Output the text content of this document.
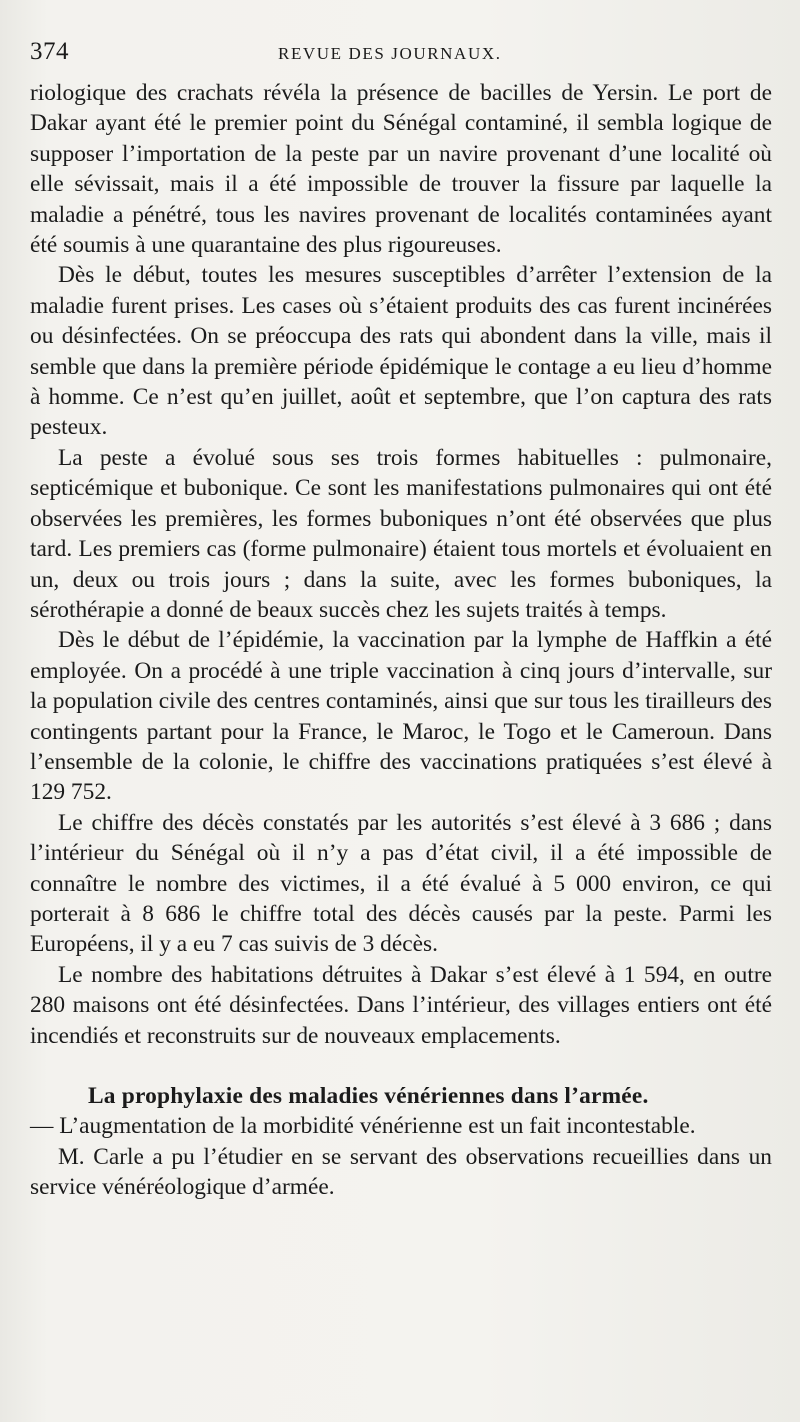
374	REVUE DES JOURNAUX.

riologique des crachats révéla la présence de bacilles de Yersin. Le port de Dakar ayant été le premier point du Sénégal contaminé, il sembla logique de supposer l’importation de la peste par un navire provenant d’une localité où elle sévissait, mais il a été impossible de trouver la fissure par laquelle la maladie a pénétré, tous les navires provenant de localités contaminées ayant été soumis à une quarantaine des plus rigoureuses.

Dès le début, toutes les mesures susceptibles d’arrêter l’extension de la maladie furent prises. Les cases où s’étaient produits des cas furent incinérées ou désinfectées. On se préoccupa des rats qui abondent dans la ville, mais il semble que dans la première période épidémique le contage a eu lieu d’homme à homme. Ce n’est qu’en juillet, août et septembre, que l’on captura des rats pesteux.

La peste a évolué sous ses trois formes habituelles : pulmonaire, septicémique et bubonique. Ce sont les manifestations pulmonaires qui ont été observées les premières, les formes buboniques n’ont été observées que plus tard. Les premiers cas (forme pulmonaire) étaient tous mortels et évoluaient en un, deux ou trois jours ; dans la suite, avec les formes buboniques, la sérothérapie a donné de beaux succès chez les sujets traités à temps.

Dès le début de l’épidémie, la vaccination par la lymphe de Haffkin a été employée. On a procédé à une triple vaccination à cinq jours d’intervalle, sur la population civile des centres contaminés, ainsi que sur tous les tirailleurs des contingents partant pour la France, le Maroc, le Togo et le Cameroun. Dans l’ensemble de la colonie, le chiffre des vaccinations pratiquées s’est élevé à 129 752.

Le chiffre des décès constatés par les autorités s’est élevé à 3 686 ; dans l’intérieur du Sénégal où il n’y a pas d’état civil, il a été impossible de connaître le nombre des victimes, il a été évalué à 5 000 environ, ce qui porterait à 8 686 le chiffre total des décès causés par la peste. Parmi les Européens, il y a eu 7 cas suivis de 3 décès.

Le nombre des habitations détruites à Dakar s’est élevé à 1 594, en outre 280 maisons ont été désinfectées. Dans l’intérieur, des villages entiers ont été incendiés et reconstruits sur de nouveaux emplacements.

La prophylaxie des maladies vénériennes dans l’armée.
— L’augmentation de la morbidité vénérienne est un fait incontestable.

M. Carle a pu l’étudier en se servant des observations recueillies dans un service vénéréologique d’armée.
